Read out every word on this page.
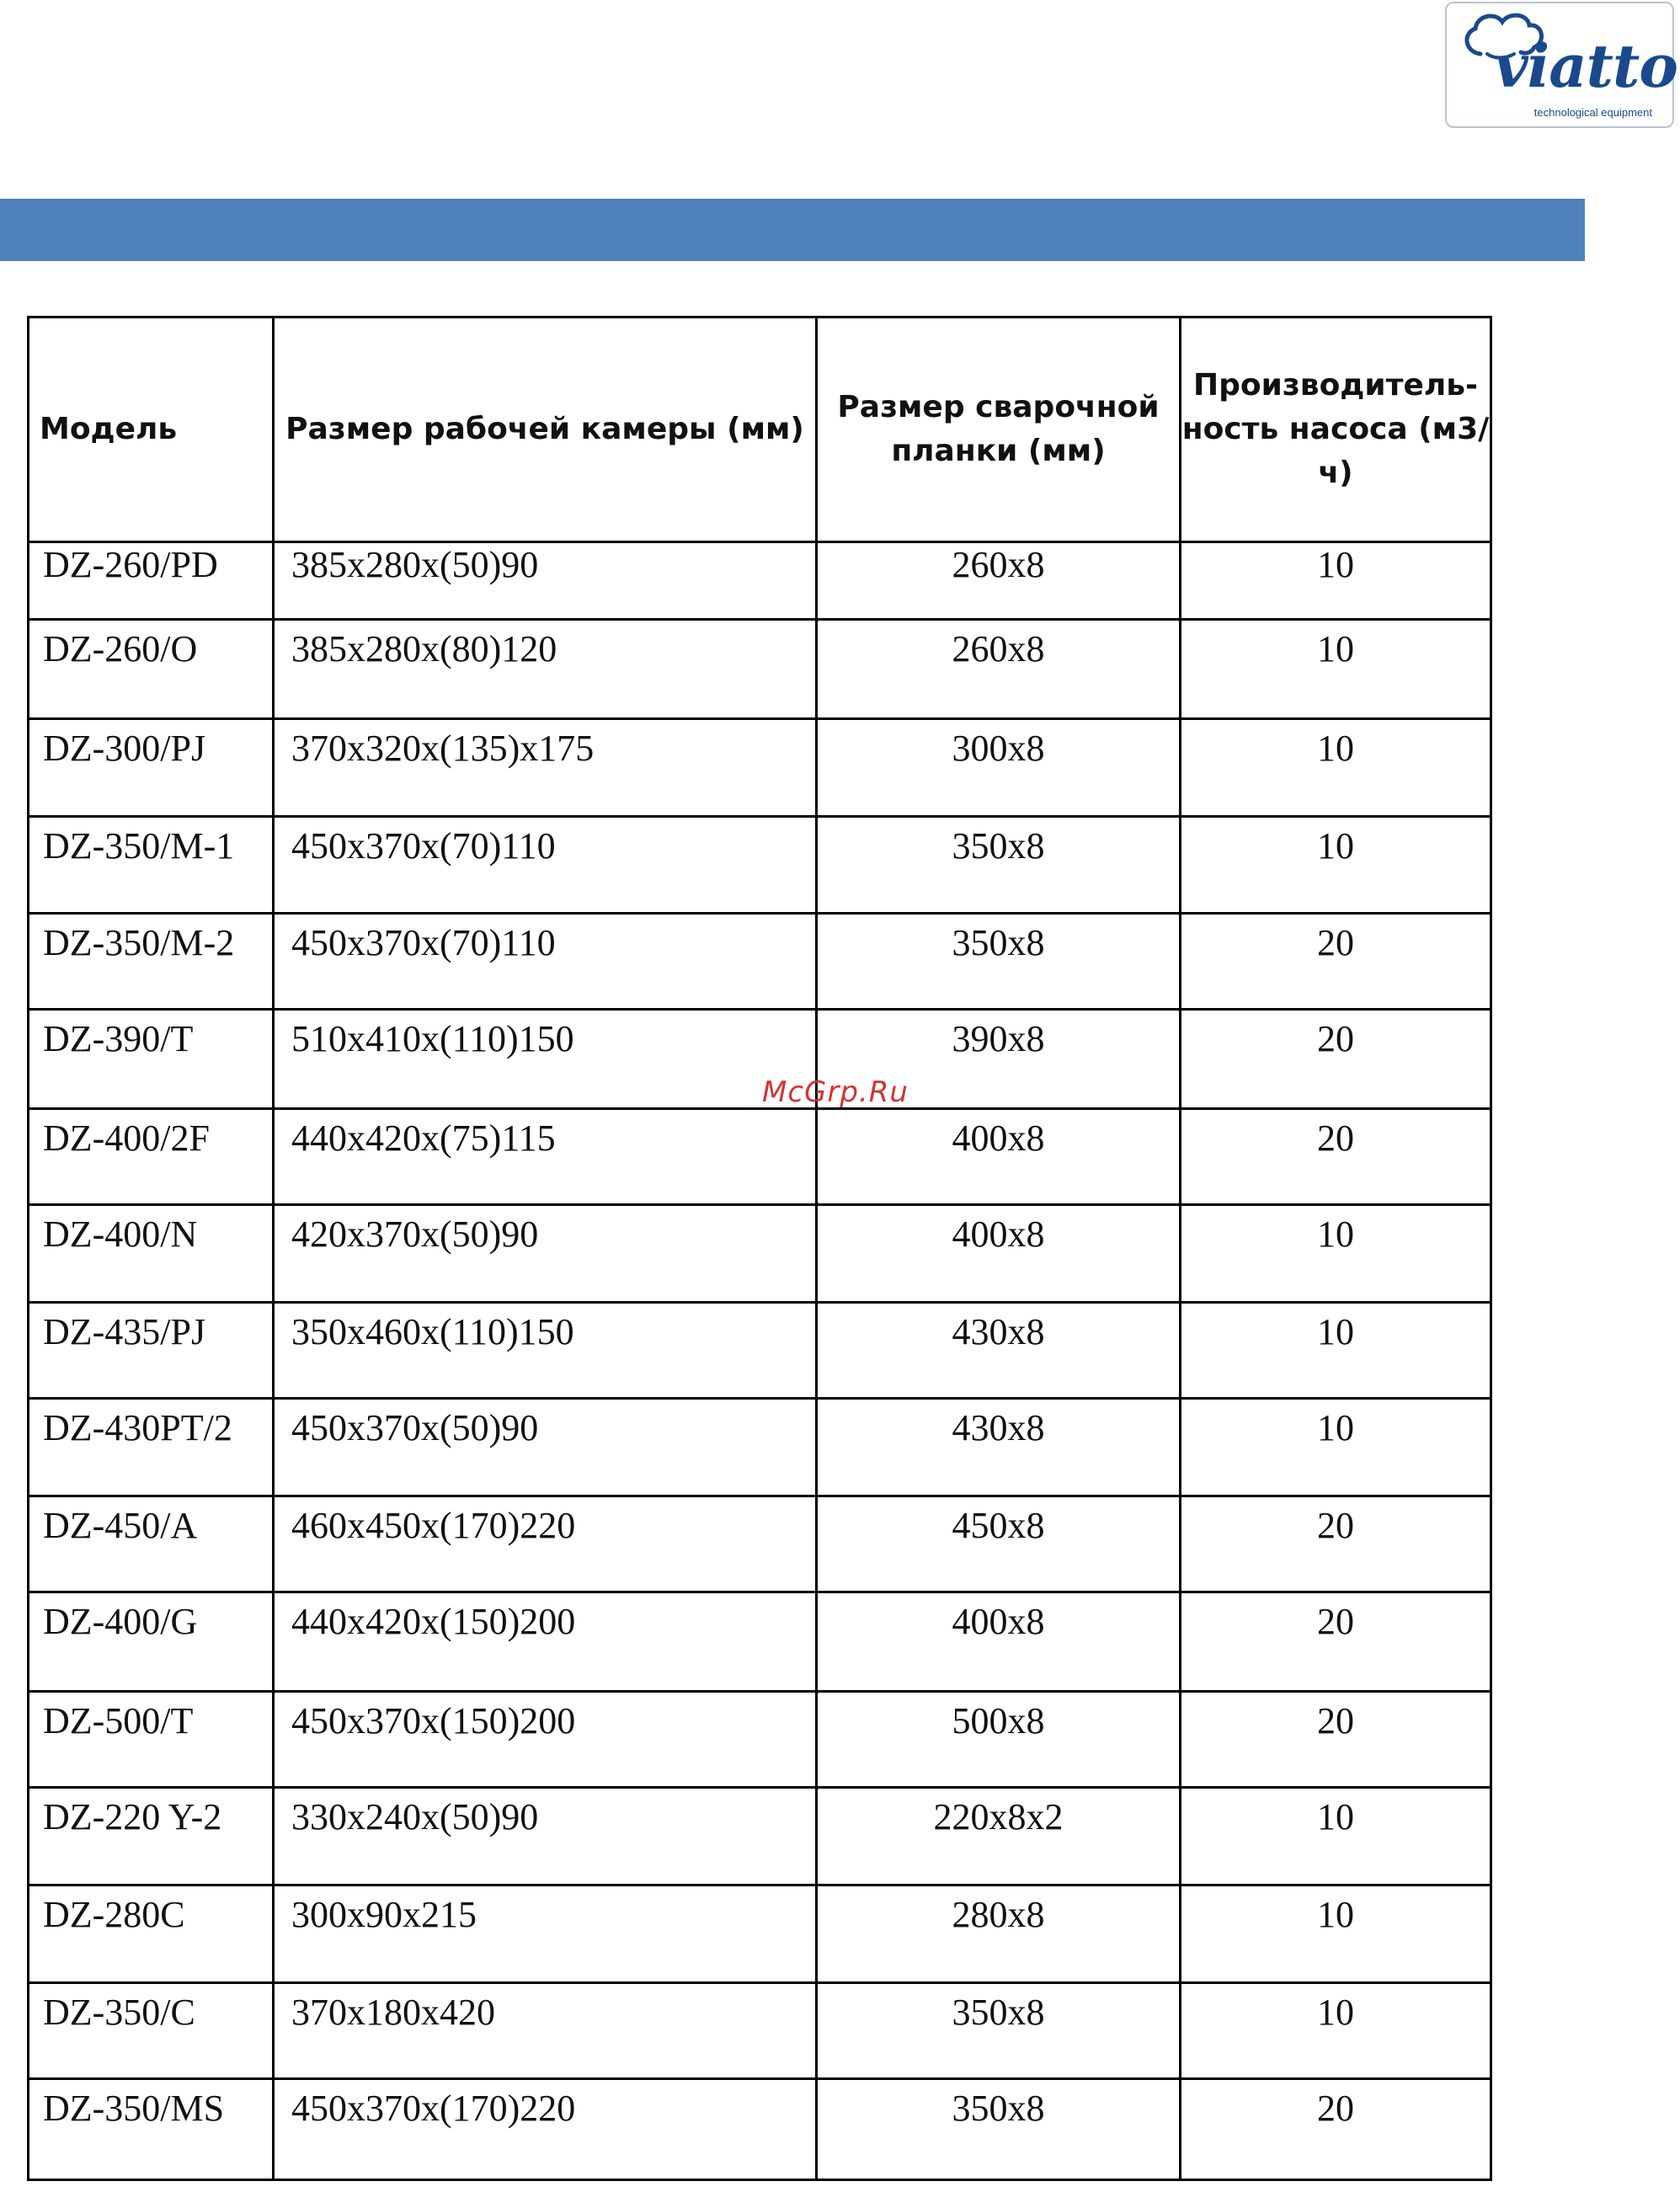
viatto
technological equipment
Модель	Размер рабочей камеры (мм)	Размер сварочной планки (мм)	Производитель-ность насоса (м3/ч)
DZ-260/PD	385x280x(50)90	260x8	10
DZ-260/O	385x280x(80)120	260x8	10
DZ-300/PJ	370x320x(135)x175	300x8	10
DZ-350/M-1	450x370x(70)110	350x8	10
DZ-350/M-2	450x370x(70)110	350x8	20
DZ-390/T	510x410x(110)150	390x8	20
DZ-400/2F	440x420x(75)115	400x8	20
DZ-400/N	420x370x(50)90	400x8	10
DZ-435/PJ	350x460x(110)150	430x8	10
DZ-430PT/2	450x370x(50)90	430x8	10
DZ-450/A	460x450x(170)220	450x8	20
DZ-400/G	440x420x(150)200	400x8	20
DZ-500/T	450x370x(150)200	500x8	20
DZ-220 Y-2	330x240x(50)90	220x8x2	10
DZ-280C	300x90x215	280x8	10
DZ-350/C	370x180x420	350x8	10
DZ-350/MS	450x370x(170)220	350x8	20
McGrp.Ru
